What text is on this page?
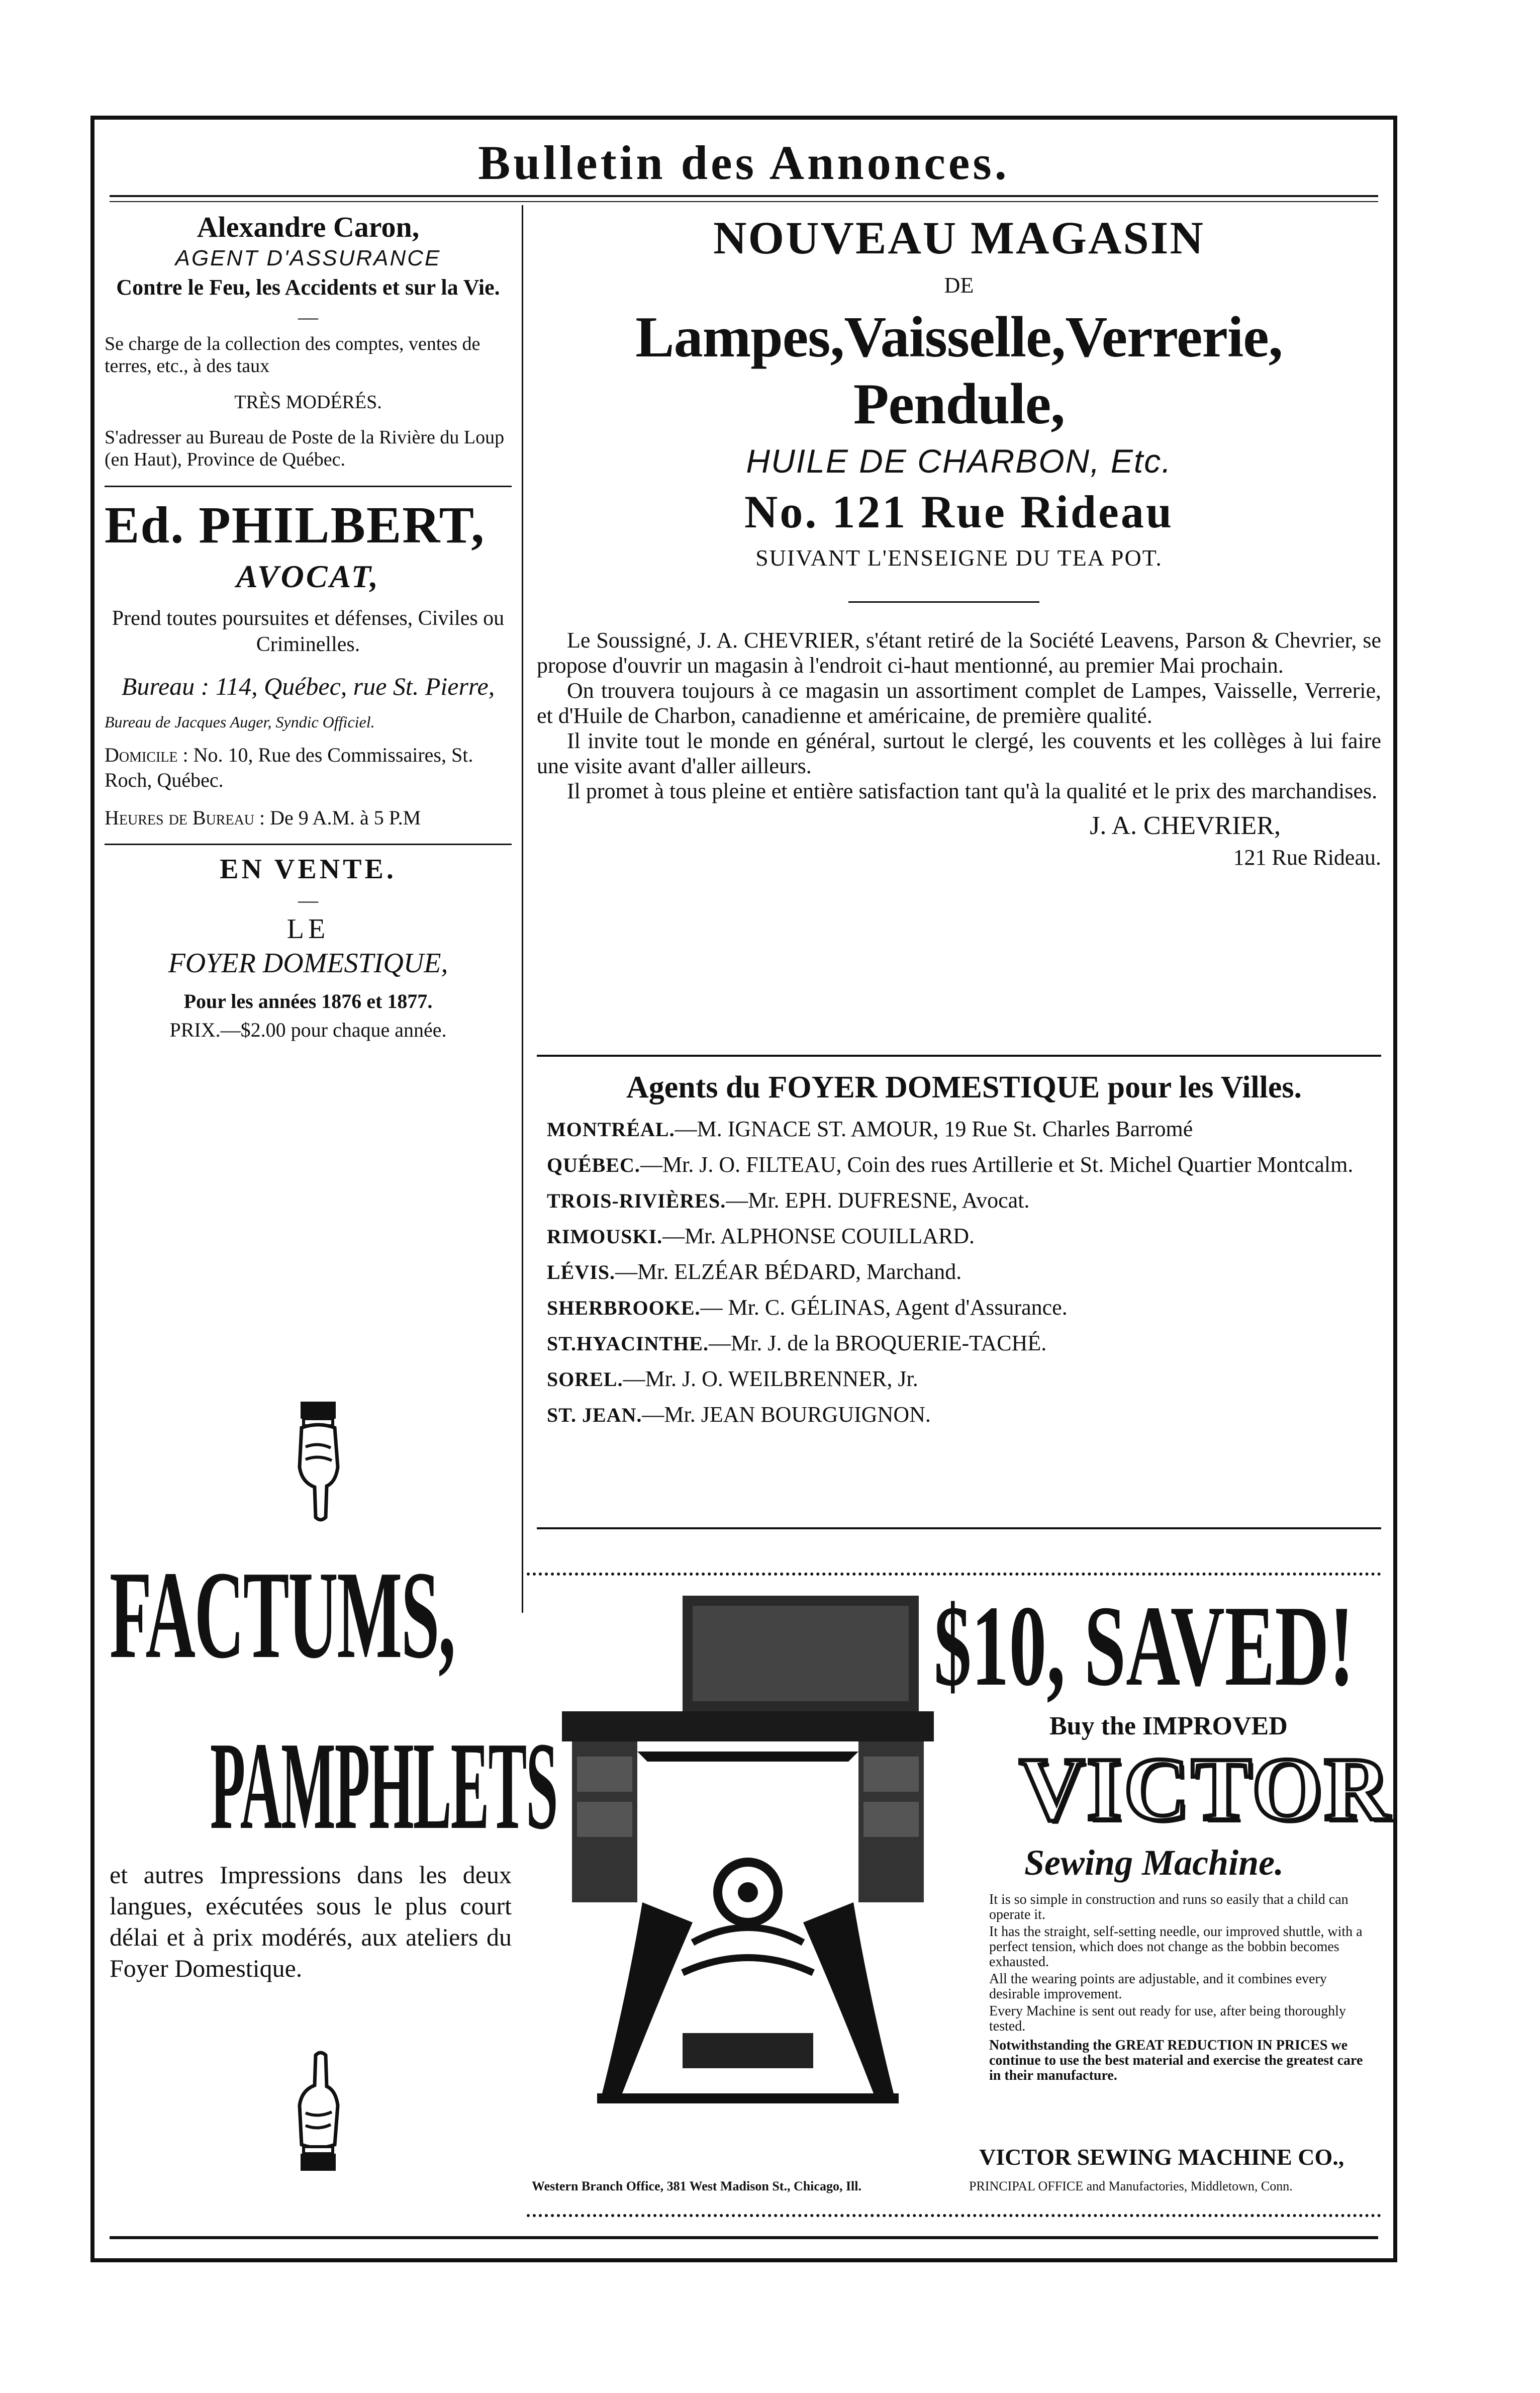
Bulletin des Annonces.
Alexandre Caron,
AGENT D'ASSURANCE
Contre le Feu, les Accidents et sur la Vie.
—
Se charge de la collection des comptes, ventes de terres, etc., à des taux
TRÈS MODÉRÉS.
S'adresser au Bureau de Poste de la Rivière du Loup (en Haut), Province de Québec.
Ed. PHILBERT,
AVOCAT,
Prend toutes poursuites et défenses, Civiles ou Criminelles.
Bureau : 114, Québec, rue St. Pierre,
Bureau de Jacques Auger, Syndic Officiel.
Domicile : No. 10, Rue des Commissaires, St. Roch, Québec.
Heures de Bureau : De 9 A.M. à 5 P.M
EN VENTE.
—
LE
FOYER DOMESTIQUE,
Pour les années 1876 et 1877.
PRIX.—$2.00 pour chaque année.
FACTUMS,
PAMPHLETS
et autres Impressions dans les deux langues, exécutées sous le plus court délai et à prix modérés, aux ateliers du Foyer Domestique.
NOUVEAU MAGASIN
DE
Lampes,Vaisselle,Verrerie, Pendule,
HUILE DE CHARBON, Etc.
No. 121 Rue Rideau
SUIVANT L'ENSEIGNE DU TEA POT.
Le Soussigné, J. A. CHEVRIER, s'étant retiré de la Société Leavens, Parson & Chevrier, se propose d'ouvrir un magasin à l'endroit ci-haut mentionné, au premier Mai prochain.
On trouvera toujours à ce magasin un assortiment complet de Lampes, Vaisselle, Verrerie, et d'Huile de Charbon, canadienne et américaine, de première qualité.
Il invite tout le monde en général, surtout le clergé, les couvents et les collèges à lui faire une visite avant d'aller ailleurs.
Il promet à tous pleine et entière satisfaction tant qu'à la qualité et le prix des marchandises.
J. A. CHEVRIER,
121 Rue Rideau.
Agents du FOYER DOMESTIQUE pour les Villes.
MONTRÉAL.—M. IGNACE ST. AMOUR, 19 Rue St. Charles Barromé
QUÉBEC.—Mr. J. O. FILTEAU, Coin des rues Artillerie et St. Michel Quartier Montcalm.
TROIS-RIVIÈRES.—Mr. EPH. DUFRESNE, Avocat.
RIMOUSKI.—Mr. ALPHONSE COUILLARD.
LÉVIS.—Mr. ELZÉAR BÉDARD, Marchand.
SHERBROOKE.— Mr. C. GÉLINAS, Agent d'Assurance.
ST.HYACINTHE.—Mr. J. de la BROQUERIE-TACHÉ.
SOREL.—Mr. J. O. WEILBRENNER, Jr.
ST. JEAN.—Mr. JEAN BOURGUIGNON.
$10, SAVED!
Buy the IMPROVED
VICTOR
Sewing Machine.
It is so simple in construction and runs so easily that a child can operate it.
It has the straight, self-setting needle, our improved shuttle, with a perfect tension, which does not change as the bobbin becomes exhausted.
All the wearing points are adjustable, and it combines every desirable improvement.
Every Machine is sent out ready for use, after being thoroughly tested.
Notwithstanding the GREAT REDUCTION IN PRICES we continue to use the best material and exercise the greatest care in their manufacture.
VICTOR SEWING MACHINE CO.,
Western Branch Office, 381 West Madison St., Chicago, Ill.	PRINCIPAL OFFICE and Manufactories, Middletown, Conn.
